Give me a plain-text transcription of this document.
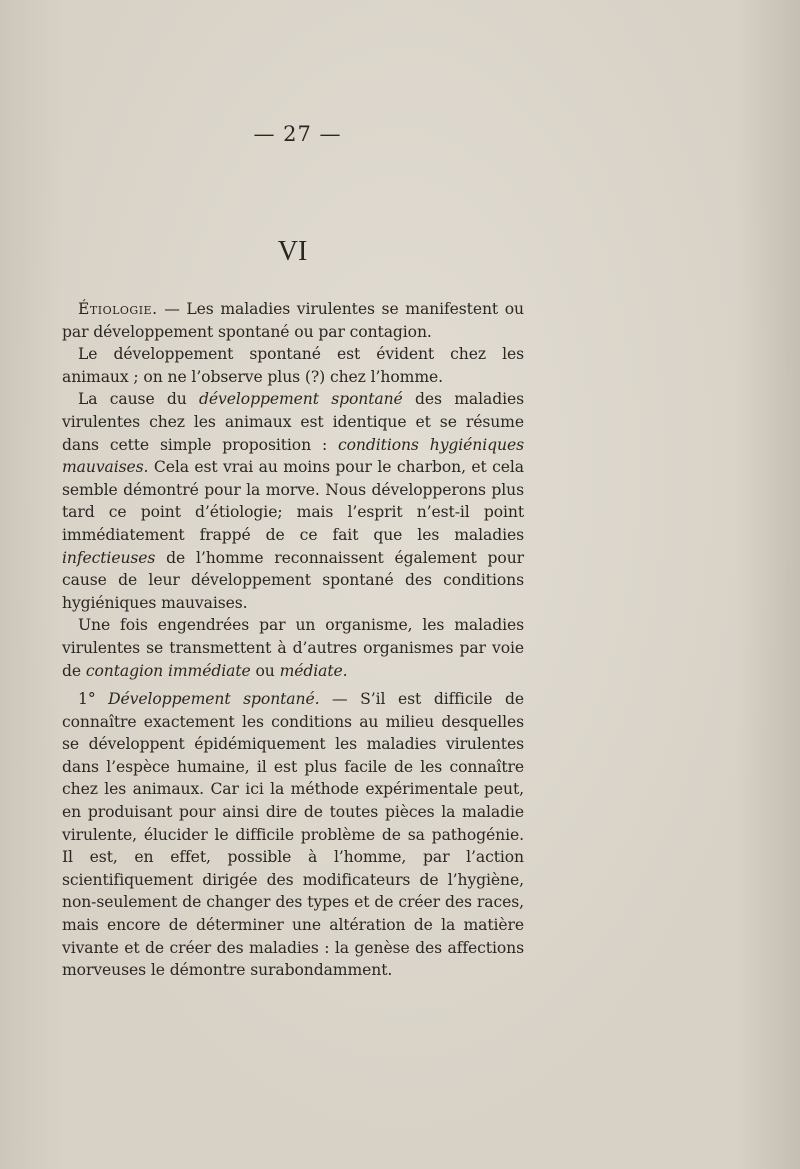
— 27 —
VI

Étiologie. — Les maladies virulentes se manifestent ou par développement spontané ou par contagion.

Le développement spontané est évident chez les animaux ; on ne l’observe plus (?) chez l’homme.

La cause du développement spontané des maladies virulentes chez les animaux est identique et se résume dans cette simple proposition : conditions hygiéniques mauvaises. Cela est vrai au moins pour le charbon, et cela semble démontré pour la morve. Nous développerons plus tard ce point d’étiologie; mais l’esprit n’est-il point immédiatement frappé de ce fait que les maladies infectieuses de l’homme reconnaissent également pour cause de leur développement spontané des conditions hygiéniques mauvaises.

Une fois engendrées par un organisme, les maladies virulentes se transmettent à d’autres organismes par voie de contagion immédiate ou médiate.

1° Développement spontané. — S’il est difficile de connaître exactement les conditions au milieu desquelles se développent épidémiquement les maladies virulentes dans l’espèce humaine, il est plus facile de les connaître chez les animaux. Car ici la méthode expérimentale peut, en produisant pour ainsi dire de toutes pièces la maladie virulente, élucider le difficile problème de sa pathogénie. Il est, en effet, possible à l’homme, par l’action scientifiquement dirigée des modificateurs de l’hygiène, non-seulement de changer des types et de créer des races, mais encore de déterminer une altération de la matière vivante et de créer des maladies : la genèse des affections morveuses le démontre surabondamment.
